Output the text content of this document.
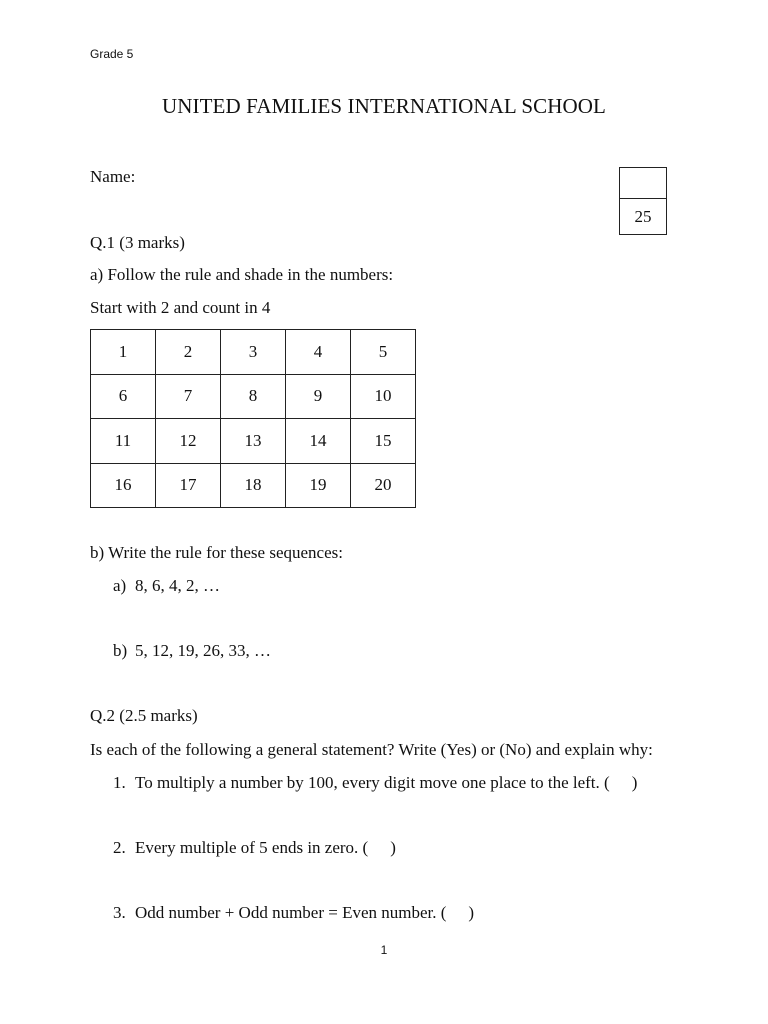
Grade 5
UNITED FAMILIES INTERNATIONAL SCHOOL
Name:
25
Q.1 (3 marks)
a) Follow the rule and shade in the numbers:
Start with 2 and count in 4
1	2	3	4	5
6	7	8	9	10
11	12	13	14	15
16	17	18	19	20
b) Write the rule for these sequences:
a) 8, 6, 4, 2, …
b) 5, 12, 19, 26, 33, …
Q.2 (2.5 marks)
Is each of the following a general statement? Write (Yes) or (No) and explain why:
1. To multiply a number by 100, every digit move one place to the left. ( )
2. Every multiple of 5 ends in zero. ( )
3. Odd number + Odd number = Even number. ( )
1
